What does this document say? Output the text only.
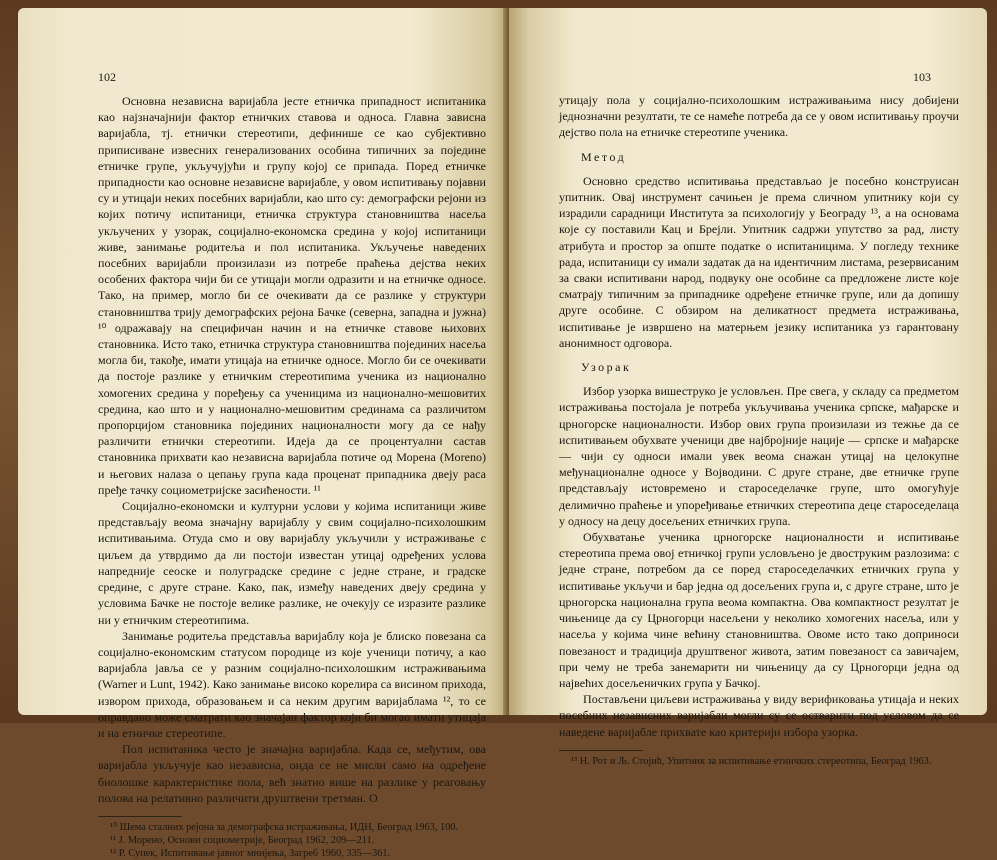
102

Основна независна варијабла јесте етничка припадност испитаника као најзначајнији фактор етничких ставова и односа. Главна зависна варијабла, тј. етнички стереотипи, дефинише се као субјективно приписиване извесних генерализованих особина типичних за поједине етничке групе, укључујући и групу којој се припада. Поред етничке припадности као основне независне варијабле, у овом испитивању појавни су и утицаји неких посебних варијабли, као што су: демографски рејони из којих потичу испитаници, етничка структура становништва насеља укључених у узорак, социјално-економска средина у којој испитаници живе, занимање родитеља и пол испитаника. Укључење наведених посебних варијабли произилази из потребе праћења дејства неких особених фактора чији би се утицаји могли одразити и на етничке односе. Тако, на пример, могло би се очекивати да се разлике у структури становништва трију демографских рејона Бачке (северна, западна и јужна) ¹⁰ одражавају на специфичан начин и на етничке ставове њихових становника. Исто тако, етничка структура становништва појединих насеља могла би, такође, имати утицаја на етничке односе. Могло би се очекивати да постоје разлике у етничким стереотипима ученика из национално хомогених средина у поређењу са ученицима из национално-мешовитих средина, као што и у национално-мешовитим срединама са различитом пропорцијом становника појединих националности могу да се нађу различити етнички стереотипи. Идеја да се процентуални састав становника прихвати као независна варијабла потиче од Морена (Moreno) и његових налаза о цепању група када проценат припадника двеју раса пређе тачку социометријске засићености. ¹¹

Социјално-економски и културни услови у којима испитаници живе представљају веома значајну варијаблу у свим социјално-психолошким испитивањима. Отуда смо и ову варијаблу укључили у истраживање с циљем да утврдимо да ли постоји известан утицај одређених услова напредније сеоске и полуградске средине с једне стране, и градске средине, с друге стране. Како, пак, између наведених двеју средина у условима Бачке не постоје велике разлике, не очекују се изразите разлике ни у етничким стереотипима.

Занимање родитеља представља варијаблу која је блиско повезана са социјално-економским статусом породице из које ученици потичу, а као варијабла јавља се у разним социјално-психолошким истраживањима (Warner и Lunt, 1942). Како занимање високо корелира са висином прихода, извором прихода, образовањем и са неким другим варијаблама ¹², то се оправдано може сматрати као значајан фактор који би могао имати утицаја и на етничке стереотипе.

Пол испитаника често је значајна варијабла. Када се, међутим, ова варијабла укључује као независна, онда се не мисли само на одређене биолошке карактеристике пола, већ знатно више на разлике у реаговању полова на релативно различити друштвени третман. О

¹⁰ Шема сталних рејона за демографска истраживања, ИДН, Београд 1963, 100.

¹¹ Ј. Морено, Основи социометрије, Београд 1962, 209—211.

¹² Р. Супек, Испитивање јавног мнијења, Загреб 1960, 335—361.

103

утицају пола у социјално-психолошким истраживањима нису добијени једнозначни резултати, те се намеће потреба да се у овом испитивању проучи дејство пола на етничке стереотипе ученика.

Метод

Основно средство испитивања представљао је посебно конструисан упитник. Овај инструмент сачињен је према сличном упитнику који су израдили сарадници Института за психологију у Београду ¹³, а на основама које су поставили Кац и Брејли. Упитник садржи упутство за рад, листу атрибута и простор за опште податке о испитаницима. У погледу технике рада, испитаници су имали задатак да на идентичним листама, резервисаним за сваки испитивани народ, подвуку оне особине са предложене листе које сматрају типичним за припаднике одређене етничке групе, или да допишу друге особине. С обзиром на деликатност предмета истраживања, испитивање је извршено на матерњем језику испитаника уз гарантовану анонимност одговора.

Узорак

Избор узорка вишеструко је условљен. Пре свега, у складу са предметом истраживања постојала је потреба укључивања ученика српске, мађарске и црногорске националности. Избор ових група произилази из тежње да се испитивањем обухвате ученици две најбројније нације — српске и мађарске — чији су односи имали увек веома снажан утицај на целокупне међунационалне односе у Војводини. С друге стране, две етничке групе представљају истовремено и староседелачке групе, што омогућује делимично праћење и упоређивање етничких стереотипа деце староседелаца у односу на децу досељених етничких група.

Обухватање ученика црногорске националности и испитивање стереотипа према овој етничкој групи условљено је двоструким разлозима: с једне стране, потребом да се поред староседелачких етничких група у испитивање укључи и бар једна од досељених група и, с друге стране, што је црногорска национална група веома компактна. Ова компактност резултат је чињенице да су Црногорци насељени у неколико хомогених насеља, или у насеља у којима чине већину становништва. Овоме исто тако доприноси повезаност и традиција друштвеног живота, затим повезаност са завичајем, при чему не треба занемарити ни чињеницу да су Црногорци једна од највећих досељеничких група у Бачкој.

Постављени циљеви истраживања у виду верификовања утицаја и неких посебних независних варијабли могли су се остварити под условом да се наведене варијабле прихвате као критерији избора узорка.

¹³ Н. Рот и Љ. Стојић, Упитник за испитивање етничких стереотипа, Београд 1963.
